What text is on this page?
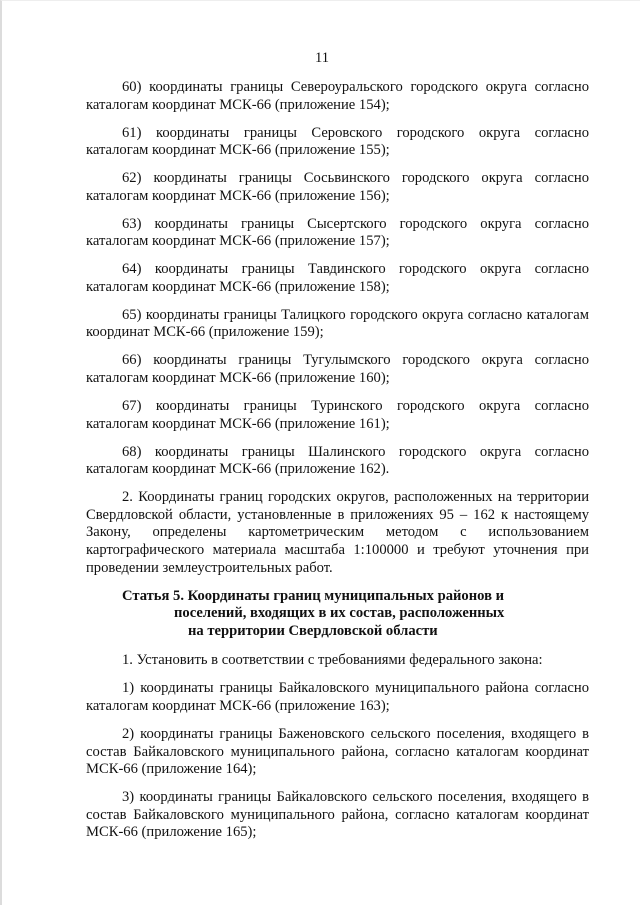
11

60) координаты границы Североуральского городского округа согласно каталогам координат МСК-66 (приложение 154);

61) координаты границы Серовского городского округа согласно каталогам координат МСК-66 (приложение 155);

62) координаты границы Сосьвинского городского округа согласно каталогам координат МСК-66 (приложение 156);

63) координаты границы Сысертского городского округа согласно каталогам координат МСК-66 (приложение 157);

64) координаты границы Тавдинского городского округа согласно каталогам координат МСК-66 (приложение 158);

65) координаты границы Талицкого городского округа согласно каталогам координат МСК-66 (приложение 159);

66) координаты границы Тугулымского городского округа согласно каталогам координат МСК-66 (приложение 160);

67) координаты границы Туринского городского округа согласно каталогам координат МСК-66 (приложение 161);

68) координаты границы Шалинского городского округа согласно каталогам координат МСК-66 (приложение 162).

2. Координаты границ городских округов, расположенных на территории Свердловской области, установленные в приложениях 95 – 162 к настоящему Закону, определены картометрическим методом с использованием картографического материала масштаба 1:100000 и требуют уточнения при проведении землеустроительных работ.

Статья 5. Координаты границ муниципальных районов и
поселений, входящих в их состав, расположенных
на территории Свердловской области

1. Установить в соответствии с требованиями федерального закона:

1) координаты границы Байкаловского муниципального района согласно каталогам координат МСК-66 (приложение 163);

2) координаты границы Баженовского сельского поселения, входящего в состав Байкаловского муниципального района, согласно каталогам координат МСК-66 (приложение 164);

3) координаты границы Байкаловского сельского поселения, входящего в состав Байкаловского муниципального района, согласно каталогам координат МСК-66 (приложение 165);
